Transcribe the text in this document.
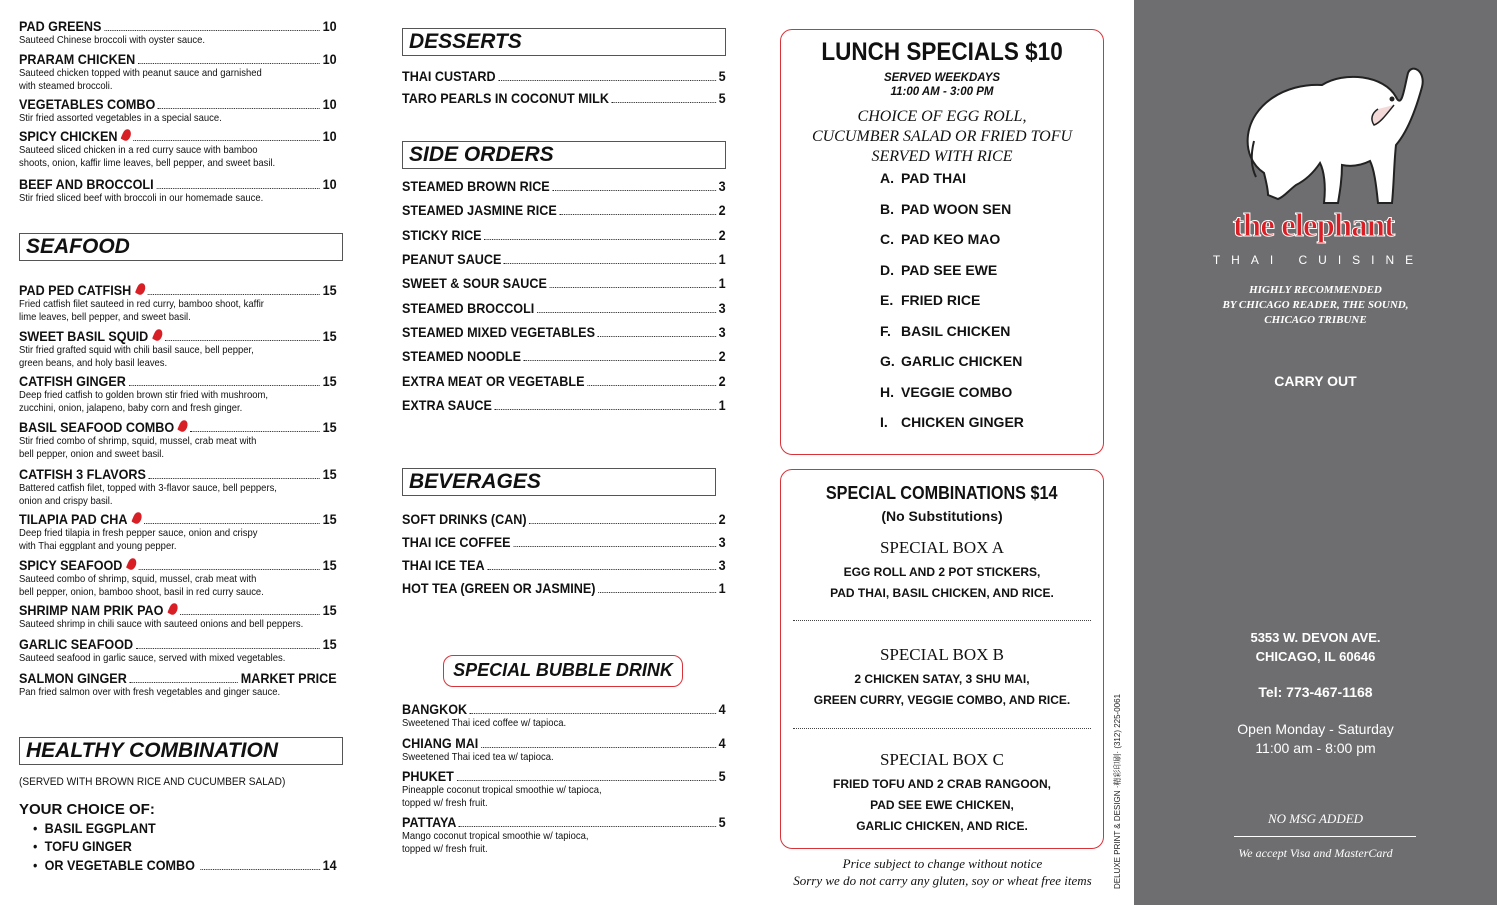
PAD GREENS	10
Sauteed Chinese broccoli with oyster sauce.
PRARAM CHICKEN	10
Sauteed chicken topped with peanut sauce and garnished
with steamed broccoli.
VEGETABLES COMBO	10
Stir fried assorted vegetables in a special sauce.
SPICY CHICKEN	10
Sauteed sliced chicken in a red curry sauce with bamboo
shoots, onion, kaffir lime leaves, bell pepper, and sweet basil.
BEEF AND BROCCOLI	10
Stir fried sliced beef with broccoli in our homemade sauce.
SEAFOOD
PAD PED CATFISH	15
Fried catfish filet sauteed in red curry, bamboo shoot, kaffir
lime leaves, bell pepper, and sweet basil.
SWEET BASIL SQUID	15
Stir fried grafted squid with chili basil sauce, bell pepper,
green beans, and holy basil leaves.
CATFISH GINGER	15
Deep fried catfish to golden brown stir fried with mushroom,
zucchini, onion, jalapeno, baby corn and fresh ginger.
BASIL SEAFOOD COMBO	15
Stir fried combo of shrimp, squid, mussel, crab meat with
bell pepper, onion and sweet basil.
CATFISH 3 FLAVORS	15
Battered catfish filet, topped with 3-flavor sauce, bell peppers,
onion and crispy basil.
TILAPIA PAD CHA	15
Deep fried tilapia in fresh pepper sauce, onion and crispy
with Thai eggplant and young pepper.
SPICY SEAFOOD	15
Sauteed combo of shrimp, squid, mussel, crab meat with
bell pepper, onion, bamboo shoot, basil in red curry sauce.
SHRIMP NAM PRIK PAO	15
Sauteed shrimp in chili sauce with sauteed onions and bell peppers.
GARLIC SEAFOOD	15
Sauteed seafood in garlic sauce, served with mixed vegetables.
SALMON GINGER	MARKET PRICE
Pan fried salmon over with fresh vegetables and ginger sauce.
HEALTHY COMBINATION
(SERVED WITH BROWN RICE AND CUCUMBER SALAD)
YOUR CHOICE OF:
• BASIL EGGPLANT
• TOFU GINGER
• OR VEGETABLE COMBO	14
DESSERTS
THAI CUSTARD	5
TARO PEARLS IN COCONUT MILK	5
SIDE ORDERS
STEAMED BROWN RICE	3
STEAMED JASMINE RICE	2
STICKY RICE	2
PEANUT SAUCE	1
SWEET & SOUR SAUCE	1
STEAMED BROCCOLI	3
STEAMED MIXED VEGETABLES	3
STEAMED NOODLE	2
EXTRA MEAT OR VEGETABLE	2
EXTRA SAUCE	1
BEVERAGES
SOFT DRINKS (CAN)	2
THAI ICE COFFEE	3
THAI ICE TEA	3
HOT TEA (GREEN OR JASMINE)	1
SPECIAL BUBBLE DRINK
BANGKOK	4
Sweetened Thai iced coffee w/ tapioca.
CHIANG MAI	4
Sweetened Thai iced tea w/ tapioca.
PHUKET	5
Pineapple coconut tropical smoothie w/ tapioca,
topped w/ fresh fruit.
PATTAYA	5
Mango coconut tropical smoothie w/ tapioca,
topped w/ fresh fruit.
LUNCH SPECIALS $10
SERVED WEEKDAYS
11:00 AM - 3:00 PM
CHOICE OF EGG ROLL,
CUCUMBER SALAD OR FRIED TOFU
SERVED WITH RICE
A. PAD THAI
B. PAD WOON SEN
C. PAD KEO MAO
D. PAD SEE EWE
E. FRIED RICE
F. BASIL CHICKEN
G. GARLIC CHICKEN
H. VEGGIE COMBO
I. CHICKEN GINGER
SPECIAL COMBINATIONS $14
(No Substitutions)
SPECIAL BOX A
EGG ROLL AND 2 POT STICKERS,
PAD THAI, BASIL CHICKEN, AND RICE.
SPECIAL BOX B
2 CHICKEN SATAY, 3 SHU MAI,
GREEN CURRY, VEGGIE COMBO, AND RICE.
SPECIAL BOX C
FRIED TOFU AND 2 CRAB RANGOON,
PAD SEE EWE CHICKEN,
GARLIC CHICKEN, AND RICE.
Price subject to change without notice
Sorry we do not carry any gluten, soy or wheat free items	DELUXE PRINT & DESIGN ·精彩印刷· (312) 225-0061
the elephant
THAI CUISINE
HIGHLY RECOMMENDED
BY CHICAGO READER, THE SOUND,
CHICAGO TRIBUNE
CARRY OUT
5353 W. DEVON AVE.
CHICAGO, IL 60646
Tel: 773-467-1168
Open Monday - Saturday
11:00 am - 8:00 pm
NO MSG ADDED
We accept Visa and MasterCard
